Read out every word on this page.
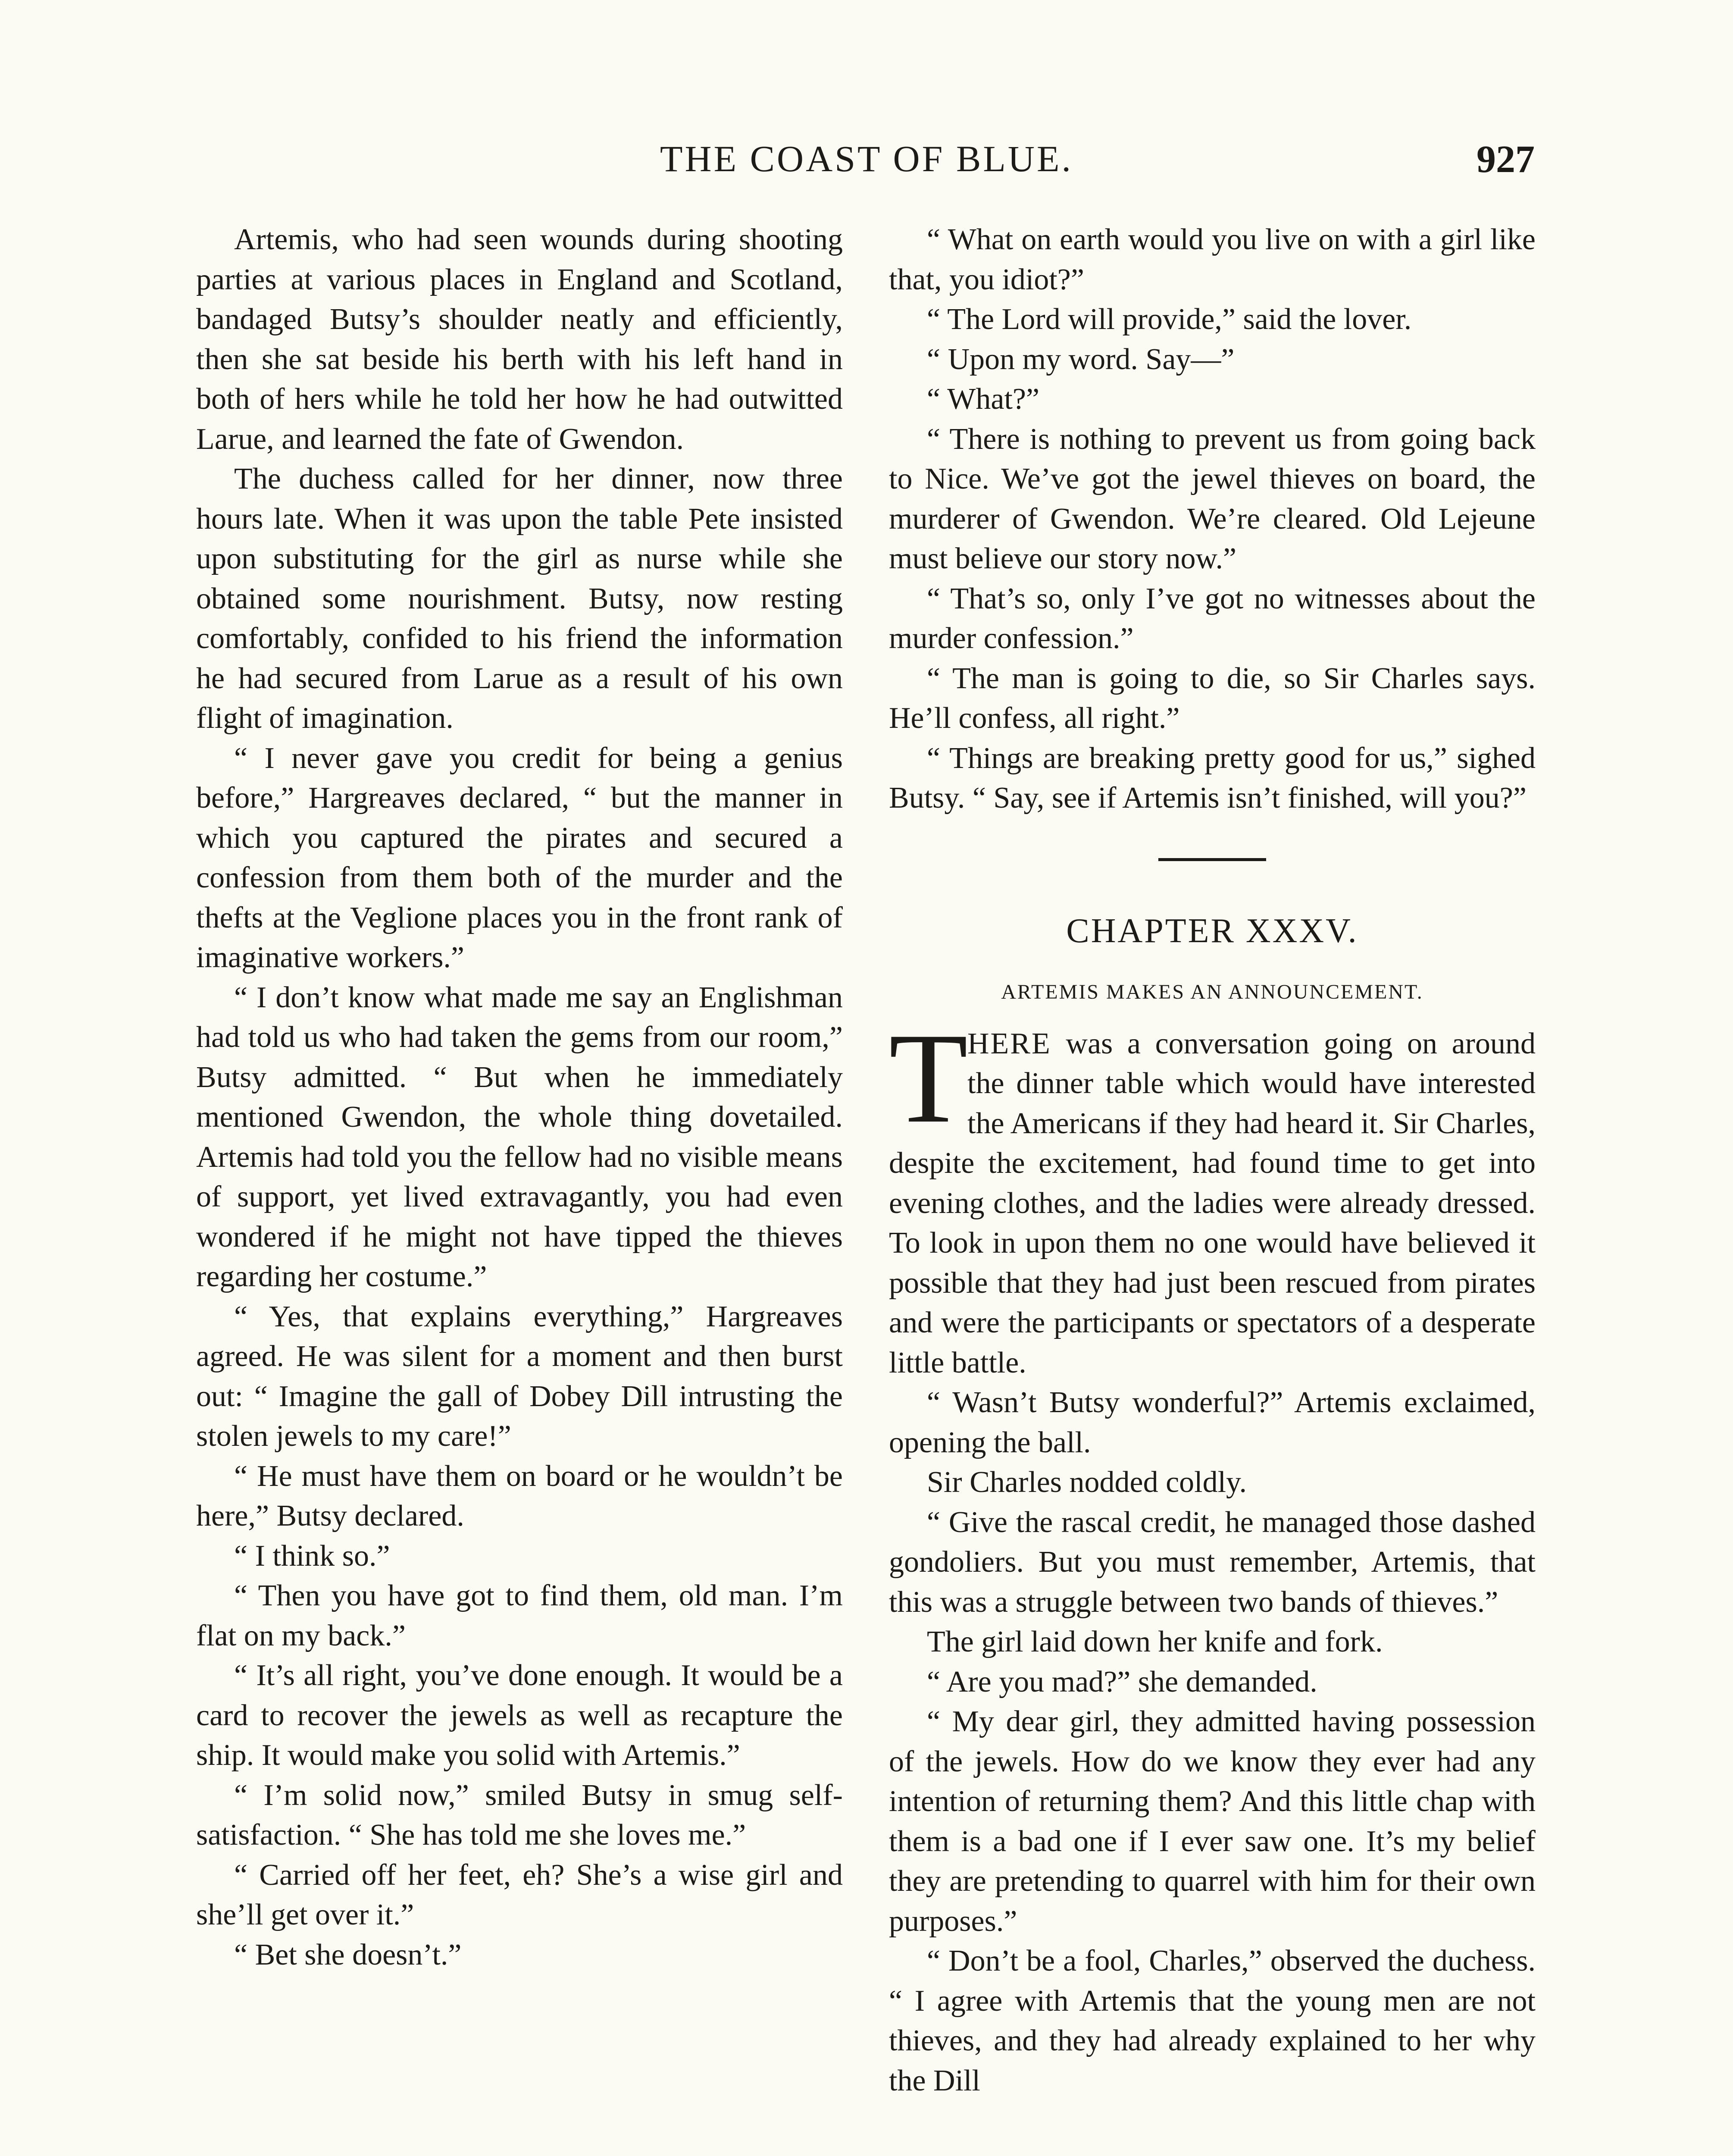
THE COAST OF BLUE.	927

Artemis, who had seen wounds during shooting parties at various places in England and Scotland, bandaged Butsy’s shoulder neatly and efficiently, then she sat beside his berth with his left hand in both of hers while he told her how he had outwitted Larue, and learned the fate of Gwendon.

The duchess called for her dinner, now three hours late. When it was upon the table Pete insisted upon substituting for the girl as nurse while she obtained some nourishment. Butsy, now resting comfortably, confided to his friend the information he had secured from Larue as a result of his own flight of imagination.

“ I never gave you credit for being a genius before,” Hargreaves declared, “ but the manner in which you captured the pirates and secured a confession from them both of the murder and the thefts at the Veglione places you in the front rank of imaginative workers.”

“ I don’t know what made me say an Englishman had told us who had taken the gems from our room,” Butsy admitted. “ But when he immediately mentioned Gwendon, the whole thing dovetailed. Artemis had told you the fellow had no visible means of support, yet lived extravagantly, you had even wondered if he might not have tipped the thieves regarding her costume.”

“ Yes, that explains everything,” Hargreaves agreed. He was silent for a moment and then burst out: “ Imagine the gall of Dobey Dill intrusting the stolen jewels to my care!”

“ He must have them on board or he wouldn’t be here,” Butsy declared.

“ I think so.”

“ Then you have got to find them, old man. I’m flat on my back.”

“ It’s all right, you’ve done enough. It would be a card to recover the jewels as well as recapture the ship. It would make you solid with Artemis.”

“ I’m solid now,” smiled Butsy in smug self-satisfaction. “ She has told me she loves me.”

“ Carried off her feet, eh? She’s a wise girl and she’ll get over it.”

“ Bet she doesn’t.”

“ What on earth would you live on with a girl like that, you idiot?”

“ The Lord will provide,” said the lover.

“ Upon my word. Say—”

“ What?”

“ There is nothing to prevent us from going back to Nice. We’ve got the jewel thieves on board, the murderer of Gwendon. We’re cleared. Old Lejeune must believe our story now.”

“ That’s so, only I’ve got no witnesses about the murder confession.”

“ The man is going to die, so Sir Charles says. He’ll confess, all right.”

“ Things are breaking pretty good for us,” sighed Butsy. “ Say, see if Artemis isn’t finished, will you?”

CHAPTER XXXV.
ARTEMIS MAKES AN ANNOUNCEMENT.

T
HERE was a conversation going on around the dinner table which would have interested the Americans if they had heard it. Sir Charles, despite the excitement, had found time to get into evening clothes, and the ladies were already dressed. To look in upon them no one would have believed it possible that they had just been rescued from pirates and were the participants or spectators of a desperate little battle.

“ Wasn’t Butsy wonderful?” Artemis exclaimed, opening the ball.

Sir Charles nodded coldly.

“ Give the rascal credit, he managed those dashed gondoliers. But you must remember, Artemis, that this was a struggle between two bands of thieves.”

The girl laid down her knife and fork.

“ Are you mad?” she demanded.

“ My dear girl, they admitted having possession of the jewels. How do we know they ever had any intention of returning them? And this little chap with them is a bad one if I ever saw one. It’s my belief they are pretending to quarrel with him for their own purposes.”

“ Don’t be a fool, Charles,” observed the duchess. “ I agree with Artemis that the young men are not thieves, and they had already explained to her why the Dill
